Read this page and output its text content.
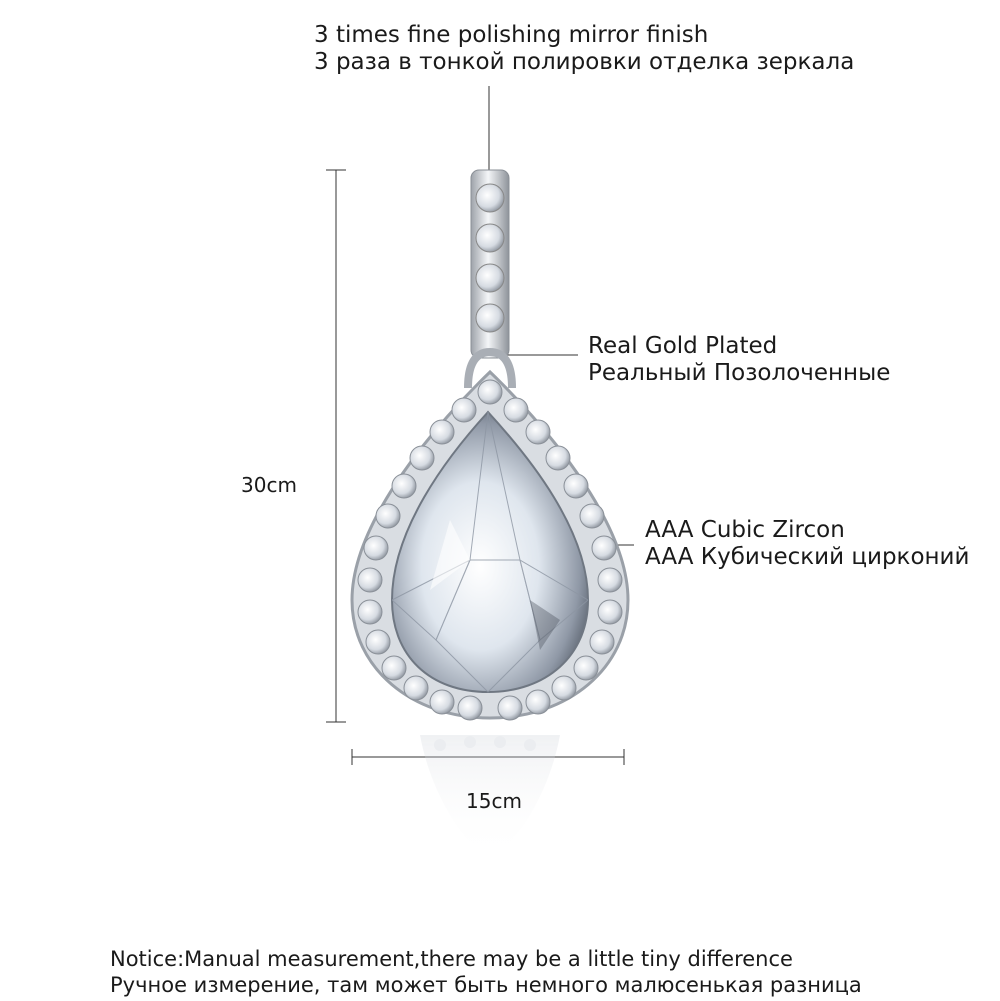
3 times fine polishing mirror finish
3 раза в тонкой полировки отделка зеркала
Real Gold Plated
Реальный Позолоченные
AAA Cubic Zircon
AAA Кубический цирконий
30cm
15cm
Notice:Manual measurement,there may be a little tiny difference
Ручное измерение, там может быть немного малюсенькая разница
